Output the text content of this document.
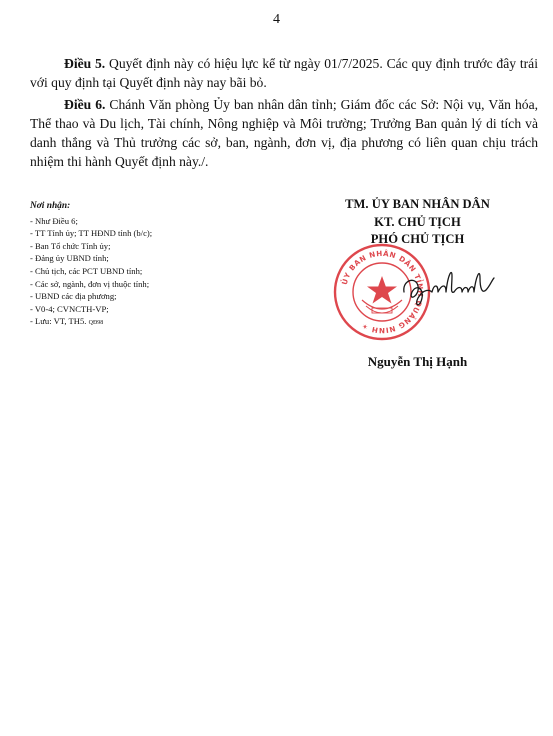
4
Điều 5. Quyết định này có hiệu lực kể từ ngày 01/7/2025. Các quy định trước đây trái với quy định tại Quyết định này nay bãi bỏ.
Điều 6. Chánh Văn phòng Ủy ban nhân dân tỉnh; Giám đốc các Sở: Nội vụ, Văn hóa, Thể thao và Du lịch, Tài chính, Nông nghiệp và Môi trường; Trưởng Ban quản lý di tích và danh thắng và Thủ trưởng các sở, ban, ngành, đơn vị, địa phương có liên quan chịu trách nhiệm thi hành Quyết định này./.
Nơi nhận:
- Như Điều 6;
- TT Tỉnh ủy; TT HĐND tỉnh (b/c);
- Ban Tổ chức Tỉnh ủy;
- Đảng ủy UBND tỉnh;
- Chủ tịch, các PCT UBND tỉnh;
- Các sở, ngành, đơn vị thuộc tỉnh;
- UBND các địa phương;
- V0-4; CVNCTH-VP;
- Lưu: VT, TH5. QĐ98
TM. ỦY BAN NHÂN DÂN
KT. CHỦ TỊCH
PHÓ CHỦ TỊCH
ỦY BAN NHÂN DÂN TỈNH QUẢNG NINH ✶
Nguyễn Thị Hạnh
